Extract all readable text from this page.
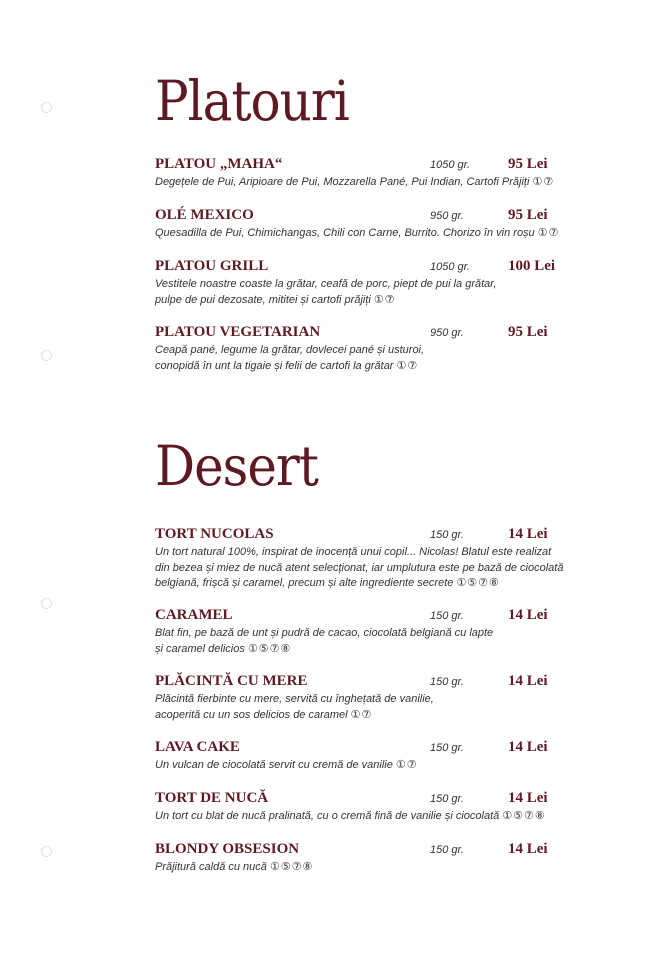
Platouri
PLATOU „MAHA“	1050 gr.	95 Lei
Degețele de Pui, Aripioare de Pui, Mozzarella Pané, Pui Indian, Cartofi Prăjiți ①⑦
OLÉ MEXICO	950 gr.	95 Lei
Quesadilla de Pui, Chimichangas, Chili con Carne, Burrito. Chorizo în vin roșu ①⑦
PLATOU GRILL	1050 gr.	100 Lei
Vestitele noastre coaste la grătar, ceafă de porc, piept de pui la grătar,
pulpe de pui dezosate, mititei și cartofi prăjiți ①⑦
PLATOU VEGETARIAN	950 gr.	95 Lei
Ceapă pané, legume la grătar, dovlecei pané și usturoi,
conopidă în unt la tigaie și felii de cartofi la grătar ①⑦
Desert
TORT NUCOLAS	150 gr.	14 Lei
Un tort natural 100%, inspirat de inocență unui copil... Nicolas! Blatul este realizat
din bezea și miez de nucă atent selecționat, iar umplutura este pe bază de ciocolată
belgiană, frișcă și caramel, precum și alte ingrediente secrete ①⑤⑦⑧
CARAMEL	150 gr.	14 Lei
Blat fin, pe bază de unt și pudră de cacao, ciocolată belgiană cu lapte
și caramel delicios ①⑤⑦⑧
PLĂCINTĂ CU MERE	150 gr.	14 Lei
Plăcintă fierbinte cu mere, servită cu înghețată de vanilie,
acoperită cu un sos delicios de caramel ①⑦
LAVA CAKE	150 gr.	14 Lei
Un vulcan de ciocolată servit cu cremă de vanilie ①⑦
TORT DE NUCĂ	150 gr.	14 Lei
Un tort cu blat de nucă pralinată, cu o cremă fină de vanilie și ciocolată ①⑤⑦⑧
BLONDY OBSESION	150 gr.	14 Lei
Prăjitură caldă cu nucă ①⑤⑦⑧
